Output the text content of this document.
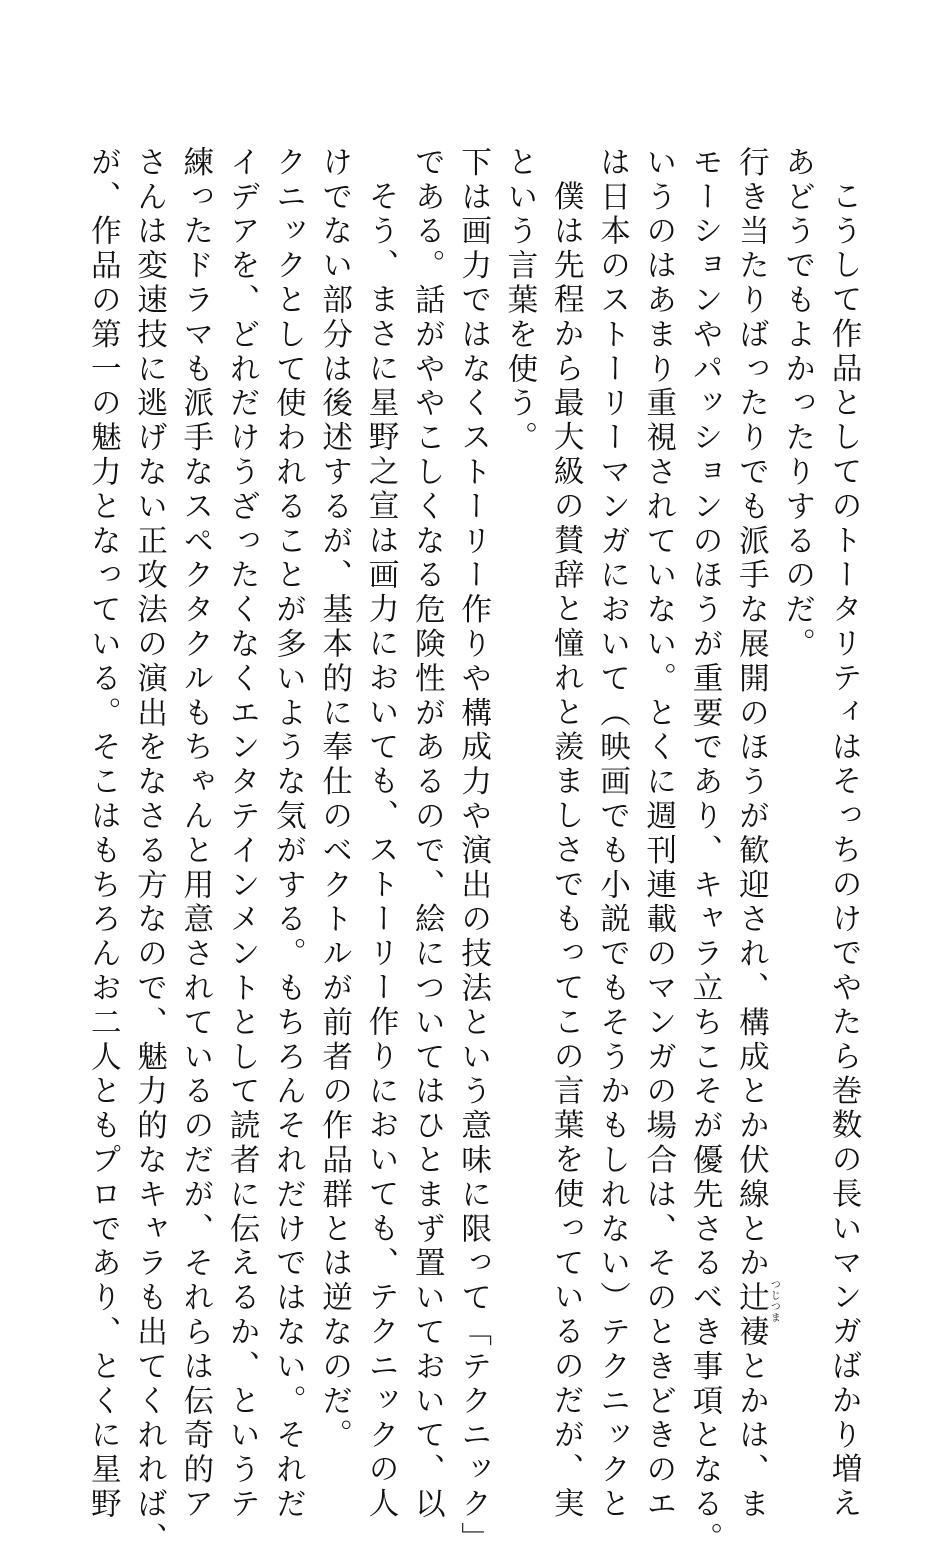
こうして作品としてのトータリティはそっちのけでやたら巻数の長いマンガばかり増え
あどうでもよかったりするのだ。
行き当たりばったりでも派手な展開のほうが歓迎され、構成とか伏線とか辻褄 つじつま
とかは、ま
モーションやパッションのほうが重要であり、キャラ立ちこそが優先さるべき事項となる。
いうのはあまり重視されていない。とくに週刊連載のマンガの場合は、そのときどきのエ
は日本のストーリーマンガにおいて（映画でも小説でもそうかもしれない）テクニックと
僕は先程から最大級の賛辞と憧れと羨ましさでもってこの言葉を使っているのだが、実
という言葉を使う。
下は画力ではなくストーリー作りや構成力や演出の技法という意味に限って「テクニック」
である。話がややこしくなる危険性があるので、絵についてはひとまず置いておいて、以
そう、まさに星野之宣は画力においても、ストーリー作りにおいても、テクニックの人
けでない部分は後述するが、基本的に奉仕のベクトルが前者の作品群とは逆なのだ。
クニックとして使われることが多いような気がする。もちろんそれだけではない。それだ
イデアを、どれだけうざったくなくエンタテインメントとして読者に伝えるか、というテ
練ったドラマも派手なスペクタクルもちゃんと用意されているのだが、それらは伝奇的ア
さんは変速技に逃げない正攻法の演出をなさる方なので、魅力的なキャラも出てくれれば、
が、作品の第一の魅力となっている。そこはもちろんお二人ともプロであり、とくに星野
